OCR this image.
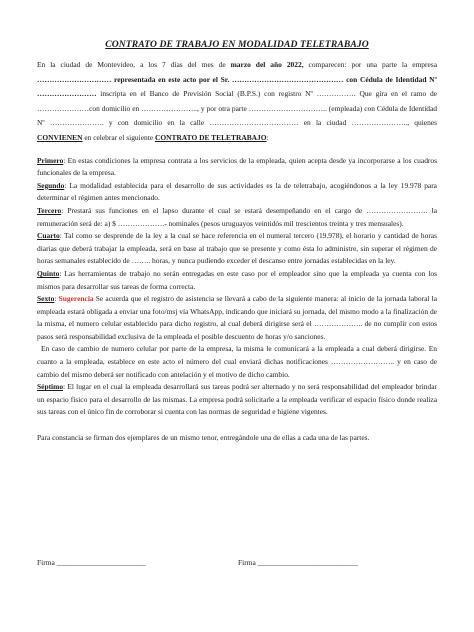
CONTRATO DE TRABAJO EN MODALIDAD TELETRABAJO

En la ciudad de Montevideo, a los 7 días del mes de marzo del año 2022, comparecen: por una parte la empresa ………………………… representada en este acto por el Sr. ……………………………………… con Cédula de Identidad Nº …………………… inscripta en el Banco de Previsión Social (B.P.S.) con registro Nº ……………. Que gira en el ramo de …………………con domicilio en ………………….., y por otra parte ………………………….. (empleada) con Cédula de Identidad Nº …………………. y con domicilio en la calle ……………………………… en la ciudad ………………….., quienes CONVIENEN en celebrar el siguiente CONTRATO DE TELETRABAJO:

Primero: En estas condiciones la empresa contrata a los servicios de la empleada, quien acepta desde ya incorporarse a los cuadros funcionales de la empresa.

Segundo: La modalidad establecida para el desarrollo de sus actividades es la de teletrabajo, acogiéndonos a la ley 19.978 para determinar el régimen antes mencionado.

Tercero: Prestará sus funciones en el lapso durante el cual se estará desempeñando en el cargo de ……………………. la remuneración será de: a) $ ……………….- nominales (pesos uruguayos veintidós mil trescientos treinta y tres mensuales).

Cuarto: Tal como se desprende de la ley a la cual se hace referencia en el numeral tercero (19.978), el horario y cantidad de horas diarias que deberá trabajar la empleada, será en base al trabajo que se presente y como ésta lo administre, sin superar el régimen de horas semanales establecido de …….. horas, y nunca pudiendo exceder el descanso entre jornadas establecidas en la ley.

Quinto: Las herramientas de trabajo no serán entregadas en este caso por el empleador sino que la empleada ya cuenta con los mismos para desarrollar sus tareas de forma correcta.

Sexto: Sugerencia Se acuerda que el registro de asistencia se llevará a cabo de la siguiente manera: al inicio de la jornada laboral la empleada estará obligada a enviar una foto/msj vía WhatsApp, indicando que iniciará su jornada, del mismo modo a la finalización de la misma, el numero celular establecido para dicho registro, al cual deberá dirigirse será el ……………….. de no cumplir con estos pasos será responsabilidad exclusiva de la empleada el posible descuento de horas y/o sanciones.

En caso de cambio de numero celular por parte de la empresa, la misma le comunicará a la empleada a cual deberá dirigirse. En cuanto a la empleada, establece en este acto el número del cual enviará dichas notificaciones …………………….. y en caso de cambio del mismo deberá ser notificado con antelación y el motivo de dicho cambio.

Séptimo: El lugar en el cual la empleada desarrollará sus tareas podrá ser alternado y no será responsabilidad del empleador brindar un espacio físico para el desarrollo de las mismas. La empresa podrá solicitarle a la empleada verificar el espacio físico donde realiza sus tareas con el único fin de corroborar si cuenta con las normas de seguridad e higiene vigentes.

Para constancia se firman dos ejemplares de un mismo tenor, entregándole una de ellas a cada una de las partes.

Firma ________________________	Firma ___________________________
